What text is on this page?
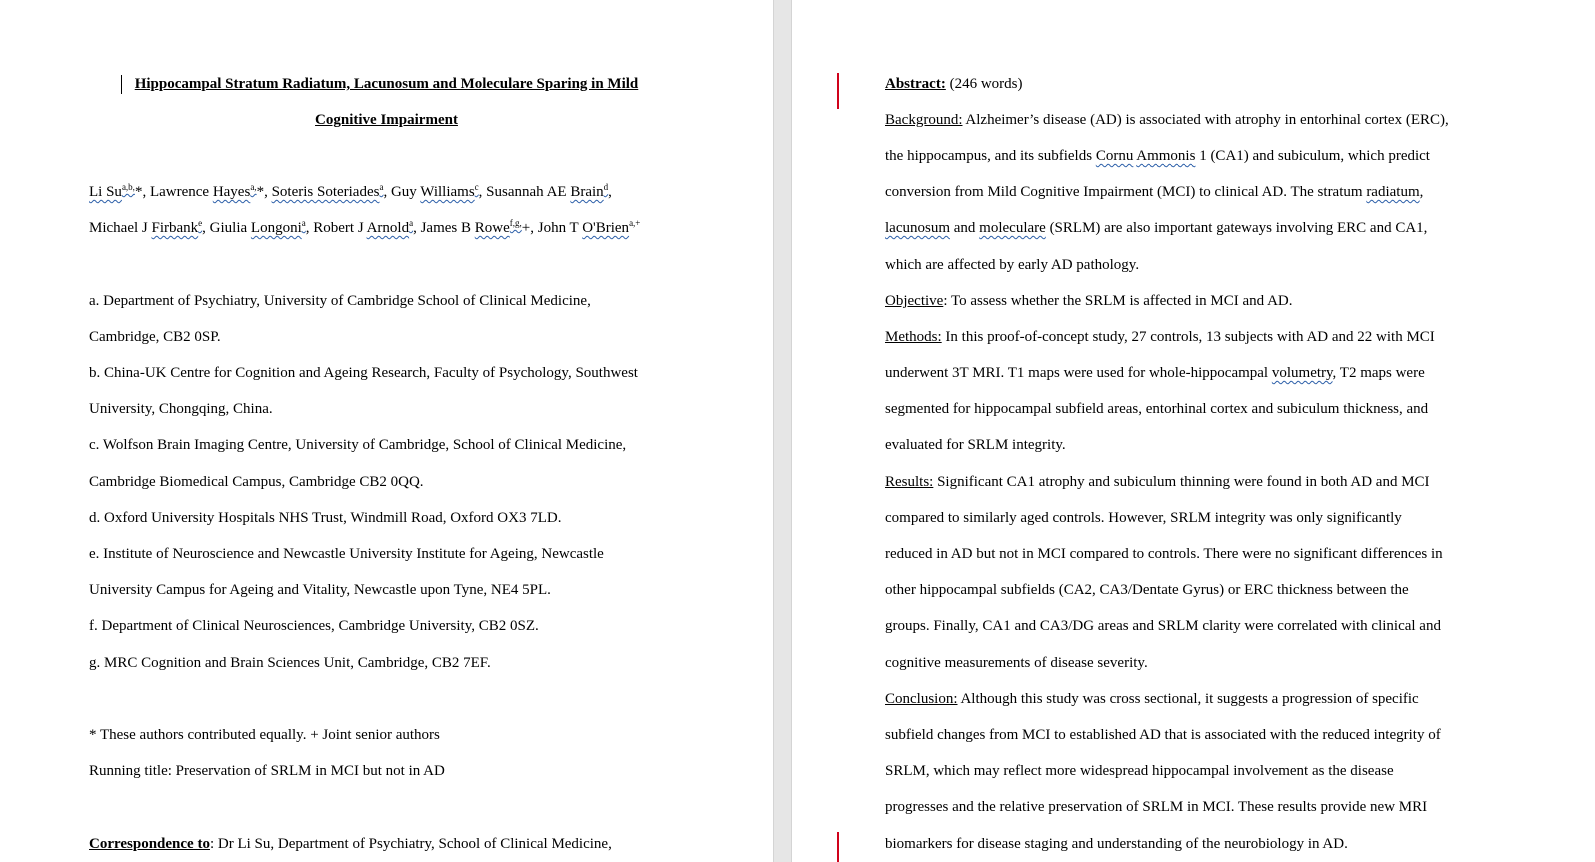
Hippocampal Stratum Radiatum, Lacunosum and Moleculare Sparing in Mild
Cognitive Impairment
Li $Su^{a,b,}*$, Lawrence Hayes$^{a,}$*, Soteris Soteriades$^a$, Guy Williams$^c$, Susannah AE Brain$^d$,
Michael J Firbank$^e$, Giulia Longoni$^a$, Robert J Arnold$^a$, James B Rowe$^{f,g,}$+, John T O'Brien$^{a,+}$
a. Department of Psychiatry, University of Cambridge School of Clinical Medicine,
Cambridge, CB2 0SP.
b. China-UK Centre for Cognition and Ageing Research, Faculty of Psychology, Southwest
University, Chongqing, China.
c. Wolfson Brain Imaging Centre, University of Cambridge, School of Clinical Medicine,
Cambridge Biomedical Campus, Cambridge CB2 0QQ.
d. Oxford University Hospitals NHS Trust, Windmill Road, Oxford OX3 7LD.
e. Institute of Neuroscience and Newcastle University Institute for Ageing, Newcastle
University Campus for Ageing and Vitality, Newcastle upon Tyne, NE4 5PL.
f. Department of Clinical Neurosciences, Cambridge University, CB2 0SZ.
g. MRC Cognition and Brain Sciences Unit, Cambridge, CB2 7EF.
* These authors contributed equally. + Joint senior authors
Running title: Preservation of SRLM in MCI but not in AD
Correspondence to: Dr Li Su, Department of Psychiatry, School of Clinical Medicine,
Abstract: (246 words)
Background: Alzheimer’s disease (AD) is associated with atrophy in entorhinal cortex (ERC),
the hippocampus, and its subfields Cornu Ammonis 1 (CA1) and subiculum, which predict
conversion from Mild Cognitive Impairment (MCI) to clinical AD. The stratum radiatum,
lacunosum and moleculare (SRLM) are also important gateways involving ERC and CA1,
which are affected by early AD pathology.
Objective: To assess whether the SRLM is affected in MCI and AD.
Methods: In this proof-of-concept study, 27 controls, 13 subjects with AD and 22 with MCI
underwent 3T MRI. T1 maps were used for whole-hippocampal volumetry, T2 maps were
segmented for hippocampal subfield areas, entorhinal cortex and subiculum thickness, and
evaluated for SRLM integrity.
Results: Significant CA1 atrophy and subiculum thinning were found in both AD and MCI
compared to similarly aged controls. However, SRLM integrity was only significantly
reduced in AD but not in MCI compared to controls. There were no significant differences in
other hippocampal subfields (CA2, CA3/Dentate Gyrus) or ERC thickness between the
groups. Finally, CA1 and CA3/DG areas and SRLM clarity were correlated with clinical and
cognitive measurements of disease severity.
Conclusion: Although this study was cross sectional, it suggests a progression of specific
subfield changes from MCI to established AD that is associated with the reduced integrity of
SRLM, which may reflect more widespread hippocampal involvement as the disease
progresses and the relative preservation of SRLM in MCI. These results provide new MRI
biomarkers for disease staging and understanding of the neurobiology in AD.
